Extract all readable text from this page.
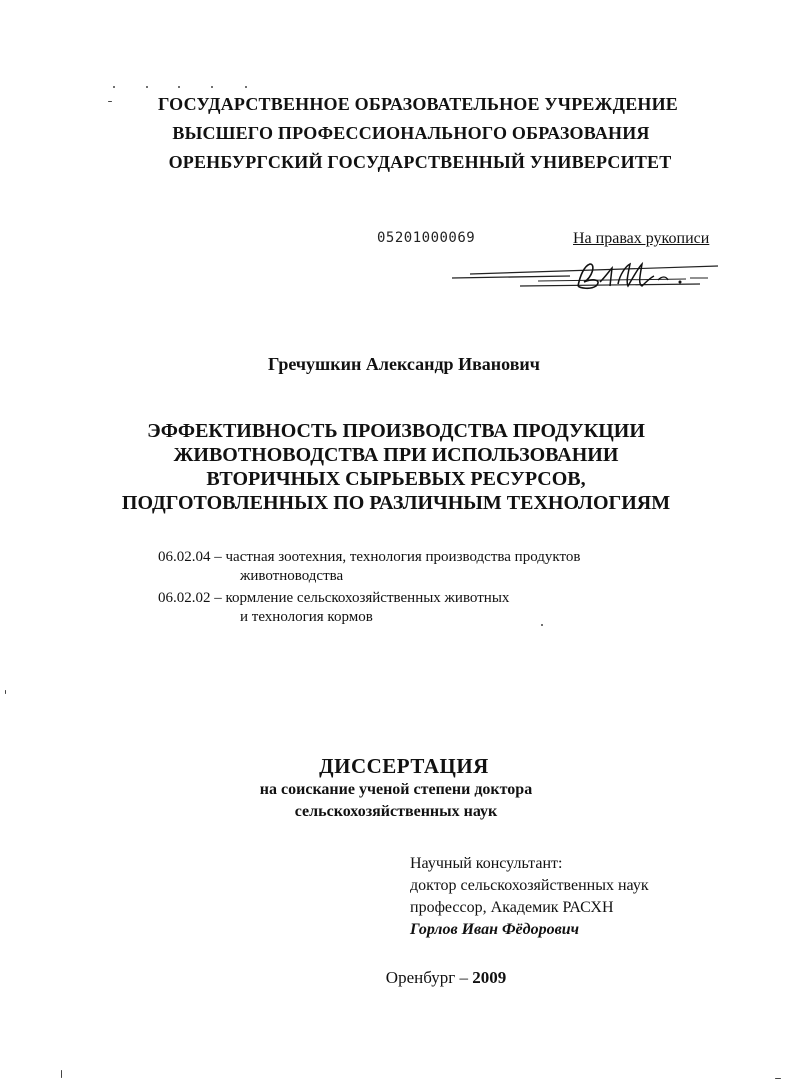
ГОСУДАРСТВЕННОЕ ОБРАЗОВАТЕЛЬНОЕ УЧРЕЖДЕНИЕ
ВЫСШЕГО ПРОФЕССИОНАЛЬНОГО ОБРАЗОВАНИЯ
ОРЕНБУРГСКИЙ ГОСУДАРСТВЕННЫЙ УНИВЕРСИТЕТ
05201000069	На правах рукописи
Гречушкин Александр Иванович
ЭФФЕКТИВНОСТЬ ПРОИЗВОДСТВА ПРОДУКЦИИ
ЖИВОТНОВОДСТВА ПРИ ИСПОЛЬЗОВАНИИ
ВТОРИЧНЫХ СЫРЬЕВЫХ РЕСУРСОВ,
ПОДГОТОВЛЕННЫХ ПО РАЗЛИЧНЫМ ТЕХНОЛОГИЯМ
06.02.04 – частная зоотехния, технология производства продуктов
животноводства
06.02.02 – кормление сельскохозяйственных животных
и технология кормов
ДИССЕРТАЦИЯ
на соискание ученой степени доктора
сельскохозяйственных наук
Научный консультант:
доктор сельскохозяйственных наук
профессор, Академик РАСХН
Горлов Иван Фёдорович
Оренбург – 2009
